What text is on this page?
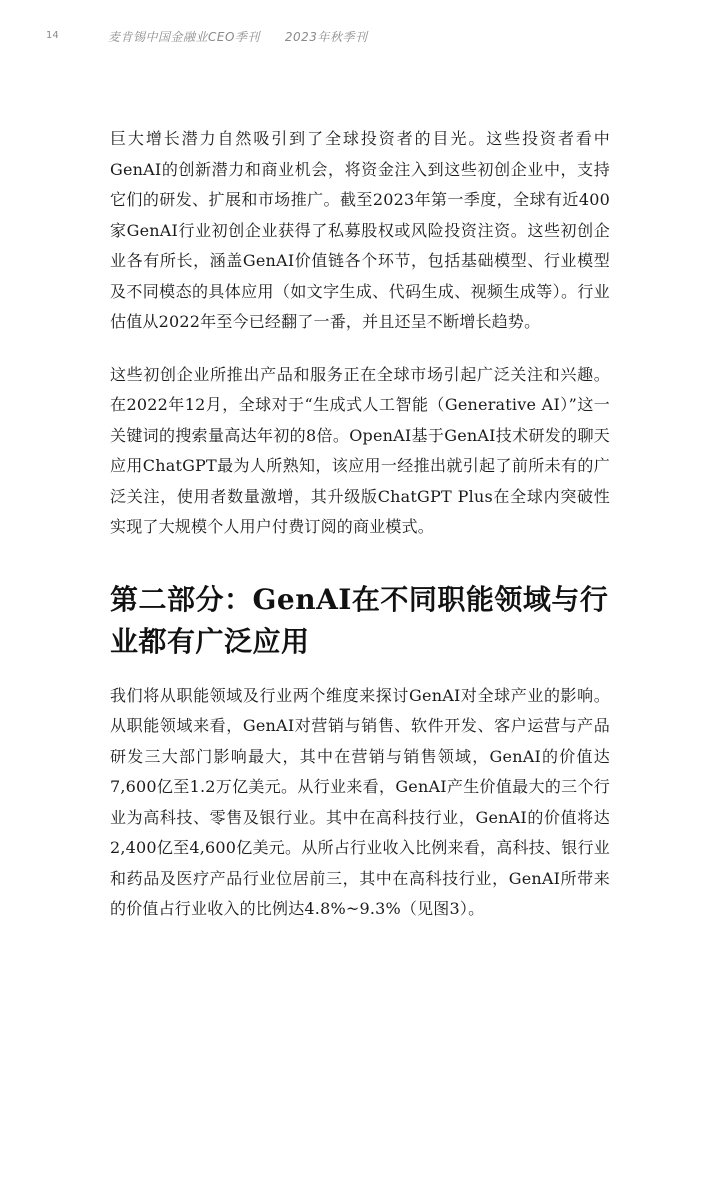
14	麦肯锡中国金融业CEO季刊　　2023年秋季刊

巨大增长潜力自然吸引到了全球投资者的目光。这些投资者看中GenAI的创新潜力和商业机会，将资金注入到这些初创企业中，支持它们的研发、扩展和市场推广。截至2023年第一季度，全球有近400家GenAI行业初创企业获得了私募股权或风险投资注资。这些初创企业各有所长，涵盖GenAI价值链各个环节，包括基础模型、行业模型及不同模态的具体应用（如文字生成、代码生成、视频生成等）。行业估值从2022年至今已经翻了一番，并且还呈不断增长趋势。

这些初创企业所推出产品和服务正在全球市场引起广泛关注和兴趣。在2022年12月，全球对于“生成式人工智能（Generative AI）”这一关键词的搜索量高达年初的8倍。OpenAI基于GenAI技术研发的聊天应用ChatGPT最为人所熟知，该应用一经推出就引起了前所未有的广泛关注，使用者数量激增，其升级版ChatGPT Plus在全球内突破性实现了大规模个人用户付费订阅的商业模式。

第二部分：GenAI在不同职能领域与行业都有广泛应用

我们将从职能领域及行业两个维度来探讨GenAI对全球产业的影响。从职能领域来看，GenAI对营销与销售、软件开发、客户运营与产品研发三大部门影响最大，其中在营销与销售领域，GenAI的价值达7,600亿至1.2万亿美元。从行业来看，GenAI产生价值最大的三个行业为高科技、零售及银行业。其中在高科技行业，GenAI的价值将达2,400亿至4,600亿美元。从所占行业收入比例来看，高科技、银行业和药品及医疗产品行业位居前三，其中在高科技行业，GenAI所带来的价值占行业收入的比例达4.8%~9.3%（见图3）。
